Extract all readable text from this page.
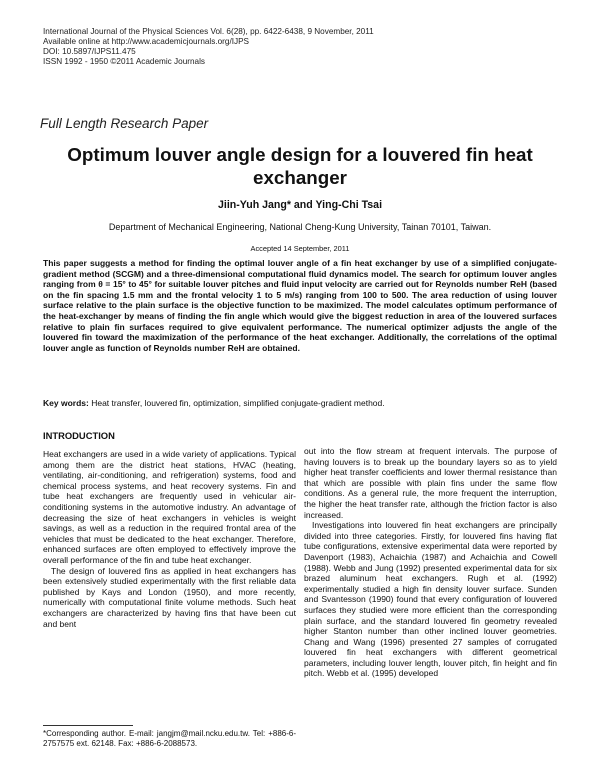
International Journal of the Physical Sciences Vol. 6(28), pp. 6422-6438, 9 November, 2011
Available online at http://www.academicjournals.org/IJPS
DOI: 10.5897/IJPS11.475
ISSN 1992 - 1950 ©2011 Academic Journals
Full Length Research Paper
Optimum louver angle design for a louvered fin heat exchanger
Jiin-Yuh Jang* and Ying-Chi Tsai
Department of Mechanical Engineering, National Cheng-Kung University, Tainan 70101, Taiwan.
Accepted 14 September, 2011
This paper suggests a method for finding the optimal louver angle of a fin heat exchanger by use of a simplified conjugate-gradient method (SCGM) and a three-dimensional computational fluid dynamics model. The search for optimum louver angles ranging from θ = 15° to 45° for suitable louver pitches and fluid input velocity are carried out for Reynolds number ReH (based on the fin spacing 1.5 mm and the frontal velocity 1 to 5 m/s) ranging from 100 to 500. The area reduction of using louver surface relative to the plain surface is the objective function to be maximized. The model calculates optimum performance of the heat-exchanger by means of finding the fin angle which would give the biggest reduction in area of the louvered surfaces relative to plain fin surfaces required to give equivalent performance. The numerical optimizer adjusts the angle of the louvered fin toward the maximization of the performance of the heat exchanger. Additionally, the correlations of the optimal louver angle as function of Reynolds number ReH are obtained.
Key words: Heat transfer, louvered fin, optimization, simplified conjugate-gradient method.
INTRODUCTION

Heat exchangers are used in a wide variety of applications. Typical among them are the district heat stations, HVAC (heating, ventilating, air-conditioning, and refrigeration) systems, food and chemical process systems, and heat recovery systems. Fin and tube heat exchangers are frequently used in vehicular air-conditioning systems in the automotive industry. An advantage of decreasing the size of heat exchangers in vehicles is weight savings, as well as a reduction in the required frontal area of the vehicles that must be dedicated to the heat exchanger. Therefore, enhanced surfaces are often employed to effectively improve the overall performance of the fin and tube heat exchanger.

The design of louvered fins as applied in heat exchangers has been extensively studied experimentally with the first reliable data published by Kays and London (1950), and more recently, numerically with computational finite volume methods. Such heat exchangers are characterized by having fins that have been cut and bent

out into the flow stream at frequent intervals. The purpose of having louvers is to break up the boundary layers so as to yield higher heat transfer coefficients and lower thermal resistance than that which are possible with plain fins under the same flow conditions. As a general rule, the more frequent the interruption, the higher the heat transfer rate, although the friction factor is also increased.

Investigations into louvered fin heat exchangers are principally divided into three categories. Firstly, for louvered fins having flat tube configurations, extensive experimental data were reported by Davenport (1983), Achaichia (1987) and Achaichia and Cowell (1988). Webb and Jung (1992) presented experimental data for six brazed aluminum heat exchangers. Rugh et al. (1992) experimentally studied a high fin density louver surface. Sunden and Svantesson (1990) found that every configuration of louvered surfaces they studied were more efficient than the corresponding plain surface, and the standard louvered fin geometry revealed higher Stanton number than other inclined louver geometries. Chang and Wang (1996) presented 27 samples of corrugated louvered fin heat exchangers with different geometrical parameters, including louver length, louver pitch, fin height and fin pitch. Webb et al. (1995) developed

*Corresponding author. E-mail: jangjm@mail.ncku.edu.tw. Tel: +886-6-2757575 ext. 62148. Fax: +886-6-2088573.
